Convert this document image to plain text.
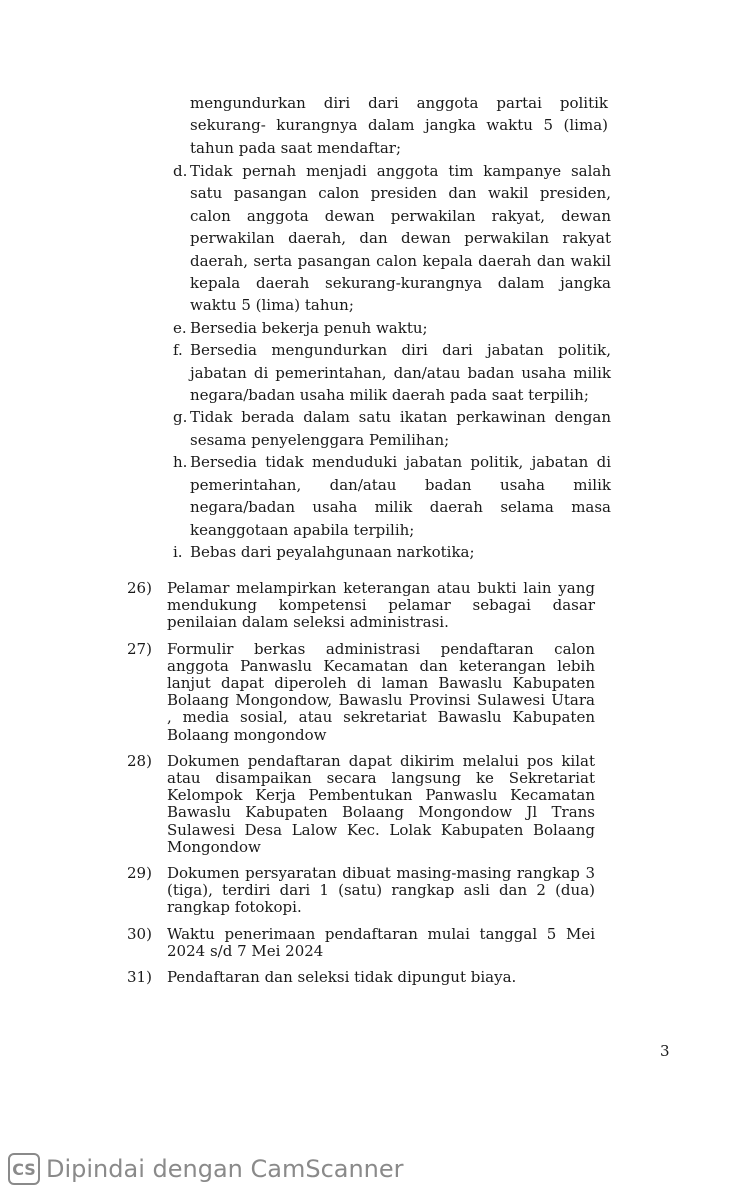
mengundurkan diri dari anggota partai politik sekurang- kurangnya dalam jangka waktu 5 (lima) tahun pada saat mendaftar;
d. Tidak pernah menjadi anggota tim kampanye salah satu pasangan calon presiden dan wakil presiden, calon anggota dewan perwakilan rakyat, dewan perwakilan daerah, dan dewan perwakilan rakyat daerah, serta pasangan calon kepala daerah dan wakil kepala daerah sekurang-kurangnya dalam jangka waktu 5 (lima) tahun;
e. Bersedia bekerja penuh waktu;
f. Bersedia mengundurkan diri dari jabatan politik, jabatan di pemerintahan, dan/atau badan usaha milik negara/badan usaha milik daerah pada saat terpilih;
g. Tidak berada dalam satu ikatan perkawinan dengan sesama penyelenggara Pemilihan;
h. Bersedia tidak menduduki jabatan politik, jabatan di pemerintahan, dan/atau badan usaha milik negara/badan usaha milik daerah selama masa keanggotaan apabila terpilih;
i. Bebas dari peyalahgunaan narkotika;
26)	Pelamar melampirkan keterangan atau bukti lain yang mendukung kompetensi pelamar sebagai dasar penilaian dalam seleksi administrasi.
27)	Formulir berkas administrasi pendaftaran calon anggota Panwaslu Kecamatan dan keterangan lebih lanjut dapat diperoleh di laman Bawaslu Kabupaten Bolaang Mongondow, Bawaslu Provinsi Sulawesi Utara , media sosial, atau sekretariat Bawaslu Kabupaten Bolaang mongondow
28)	Dokumen pendaftaran dapat dikirim melalui pos kilat atau disampaikan secara langsung ke Sekretariat Kelompok Kerja Pembentukan Panwaslu Kecamatan Bawaslu Kabupaten Bolaang Mongondow Jl Trans Sulawesi Desa Lalow Kec. Lolak Kabupaten Bolaang Mongondow
29)	Dokumen persyaratan dibuat masing-masing rangkap 3 (tiga), terdiri dari 1 (satu) rangkap asli dan 2 (dua) rangkap fotokopi.
30)	Waktu penerimaan pendaftaran mulai tanggal 5 Mei 2024 s/d 7 Mei 2024
31)	Pendaftaran dan seleksi tidak dipungut biaya.
3
CS Dipindai dengan CamScanner
